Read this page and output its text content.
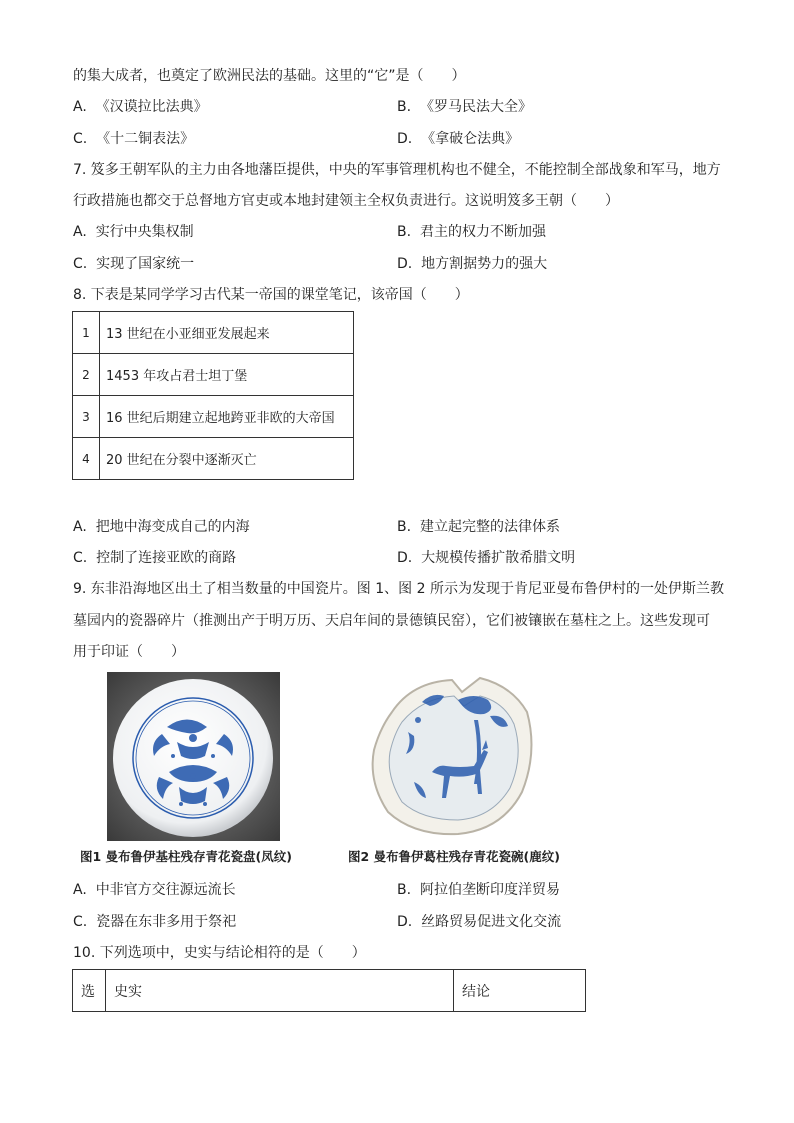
的集大成者，也奠定了欧洲民法的基础。这里的“它”是（　　）
A. 《汉谟拉比法典》	B. 《罗马民法大全》
C. 《十二铜表法》	D. 《拿破仑法典》
7. 笈多王朝军队的主力由各地藩臣提供，中央的军事管理机构也不健全，不能控制全部战象和军马，地方
行政措施也都交于总督地方官吏或本地封建领主全权负责进行。这说明笈多王朝（　　）
A. 实行中央集权制	B. 君主的权力不断加强
C. 实现了国家统一	D. 地方割据势力的强大
8. 下表是某同学学习古代某一帝国的课堂笔记，该帝国（　　）
1	13 世纪在小亚细亚发展起来
2	1453 年攻占君士坦丁堡
3	16 世纪后期建立起地跨亚非欧的大帝国
4	20 世纪在分裂中逐渐灭亡
A. 把地中海变成自己的内海	B. 建立起完整的法律体系
C. 控制了连接亚欧的商路	D. 大规模传播扩散希腊文明
9. 东非沿海地区出土了相当数量的中国瓷片。图 1、图 2 所示为发现于肯尼亚曼布鲁伊村的一处伊斯兰教
墓园内的瓷器碎片（推测出产于明万历、天启年间的景德镇民窑），它们被镶嵌在墓柱之上。这些发现可
用于印证（　　）
图1 曼布鲁伊基柱残存青花瓷盘(凤纹)	图2 曼布鲁伊葛柱残存青花瓷碗(鹿纹)
A. 中非官方交往源远流长	B. 阿拉伯垄断印度洋贸易
C. 瓷器在东非多用于祭祀	D. 丝路贸易促进文化交流
10. 下列选项中，史实与结论相符的是（　　）
选	史实	结论
